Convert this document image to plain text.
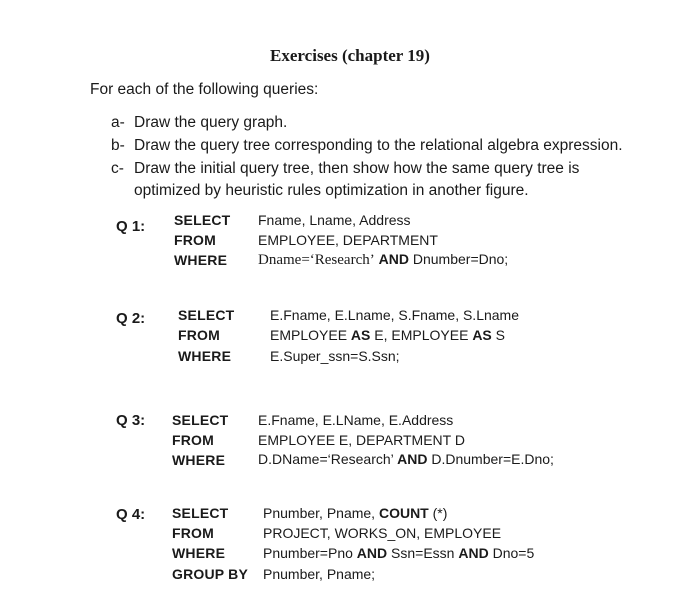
Exercises (chapter 19)
For each of the following queries:
a- Draw the query graph.
b- Draw the query tree corresponding to the relational algebra expression.
c- Draw the initial query tree, then show how the same query tree is
optimized by heuristic rules optimization in another figure.
Q 1: SELECT
FROM
WHERE
Fname, Lname, Address
EMPLOYEE, DEPARTMENT
Dname=‘Research’ AND Dnumber=Dno;
Q 2: SELECT
FROM
WHERE
E.Fname, E.Lname, S.Fname, S.Lname
EMPLOYEE AS E, EMPLOYEE AS S
E.Super_ssn=S.Ssn;
Q 3: SELECT
FROM
WHERE
E.Fname, E.LName, E.Address
EMPLOYEE E, DEPARTMENT D
D.DName=‘Research’ AND D.Dnumber=E.Dno;
Q 4: SELECT
FROM
WHERE
GROUP BY
Pnumber, Pname, COUNT (*)
PROJECT, WORKS_ON, EMPLOYEE
Pnumber=Pno AND Ssn=Essn AND Dno=5
Pnumber, Pname;
